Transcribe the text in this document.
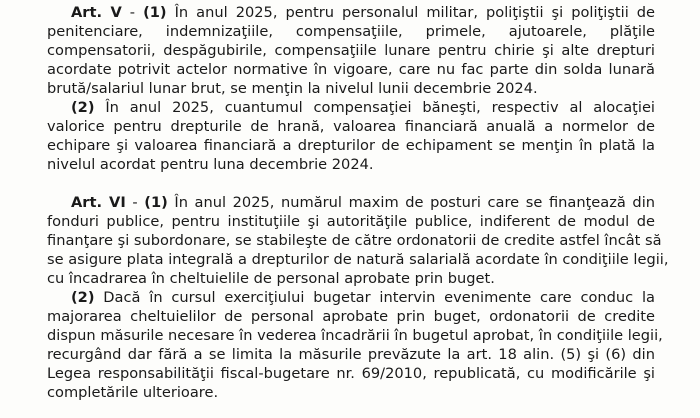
Art. V - (1) În anul 2025, pentru personalul militar, poliţiştii şi poliţiştii de
penitenciare, indemnizaţiile, compensaţiile, primele, ajutoarele, plăţile
compensatorii, despăgubirile, compensaţiile lunare pentru chirie şi alte drepturi
acordate potrivit actelor normative în vigoare, care nu fac parte din solda lunară
brută/salariul lunar brut, se menţin la nivelul lunii decembrie 2024.
(2) În anul 2025, cuantumul compensaţiei băneşti, respectiv al alocaţiei
valorice pentru drepturile de hrană, valoarea financiară anuală a normelor de
echipare şi valoarea financiară a drepturilor de echipament se menţin în plată la
nivelul acordat pentru luna decembrie 2024.
Art. VI - (1) În anul 2025, numărul maxim de posturi care se finanţează din
fonduri publice, pentru instituţiile şi autorităţile publice, indiferent de modul de
finanţare şi subordonare, se stabileşte de către ordonatorii de credite astfel încât să
se asigure plata integrală a drepturilor de natură salarială acordate în condiţiile legii,
cu încadrarea în cheltuielile de personal aprobate prin buget.
(2) Dacă în cursul exerciţiului bugetar intervin evenimente care conduc la
majorarea cheltuielilor de personal aprobate prin buget, ordonatorii de credite
dispun măsurile necesare în vederea încadrării în bugetul aprobat, în condiţiile legii,
recurgând dar fără a se limita la măsurile prevăzute la art. 18 alin. (5) şi (6) din
Legea responsabilităţii fiscal-bugetare nr. 69/2010, republicată, cu modificările şi
completările ulterioare.
